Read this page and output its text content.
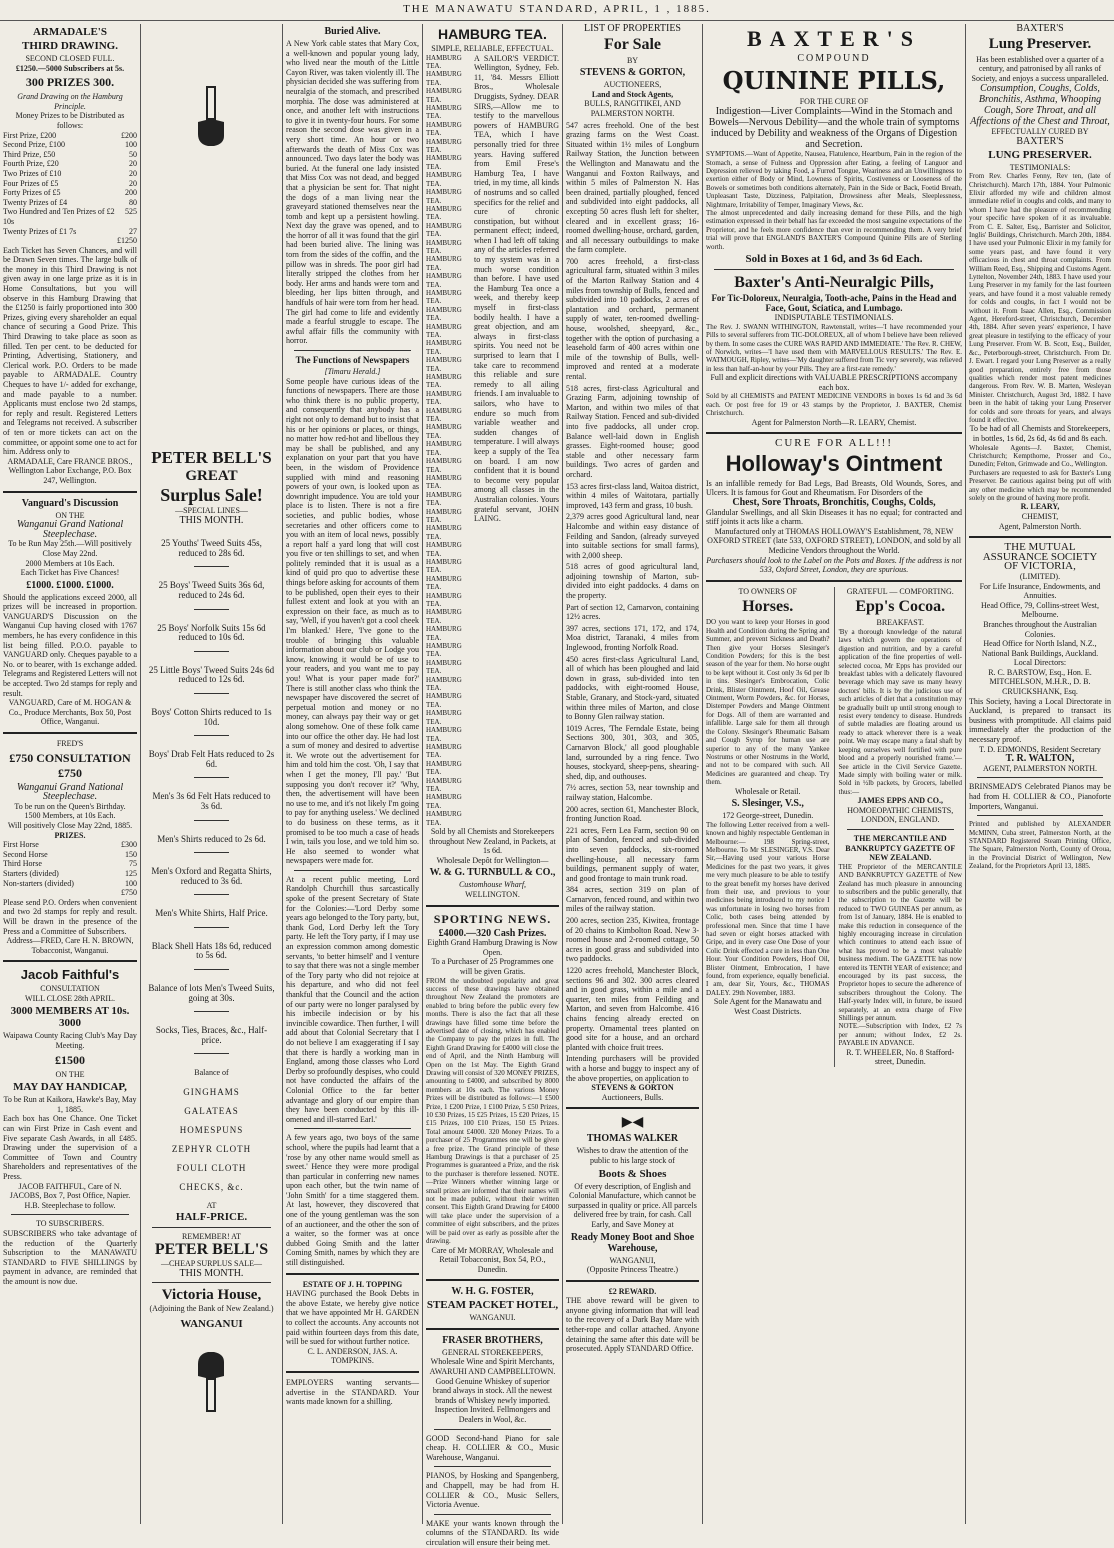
THE MANAWATU STANDARD, APRIL, 1 , 1885.
ARMADALE'S
THIRD DRAWING.
SECOND CLOSED FULL.
£1250.—5000 Subscribers at 5s.
300 PRIZES 300.
Grand Drawing on the Hamburg Principle.
Money Prizes to be Distributed as follows:
First Prize, £200	£200
Second Prize, £100	100
Third Prize, £50	50
Fourth Prize, £20	20
Two Prizes of £10	20
Four Prizes of £5	20
Forty Prizes of £5	200
Twenty Prizes of £4	80
Two Hundred and Ten Prizes of £2 10s
525
Twenty Prizes of £1 7s	27
£1250

Each Ticket has Seven Chances, and will be Drawn Seven times. The large bulk of the money in this Third Drawing is not given away in one large prize as it is in Home Consultations, but you will observe in this Hamburg Drawing that the £1250 is fairly proportioned into 300 Prizes, giving every shareholder an equal chance of securing a Good Prize. This Third Drawing to take place as soon as filled. Ten per cent. to be deducted for Printing, Advertising, Stationery, and Clerical work. P.O. Orders to be made payable to ARMADALE. Country Cheques to have 1/- added for exchange, and made payable to a number. Applicants must enclose two 2d stamps, for reply and result. Registered Letters and Telegrams not received. A subscriber of ten or more tickets can act on the committee, or appoint some one to act for him. Address only to

ARMADALE, Care FRANCE BROS., Wellington Labor Exchange, P.O. Box 247, Wellington.

Vanguard's Discussion
ON THE
Wanganui Grand National Steeplechase.
To be Run May 25th.—Will positively Close May 22nd.
2000 Members at 10s Each.
Each Ticket has Five Chances!
£1000. £1000. £1000.

Should the applications exceed 2000, all prizes will be increased in proportion. VANGUARD'S Discussion on the Wanganui Cup having closed with 1767 members, he has every confidence in this list being filled. P.O.O. payable to VANGUARD only. Cheques payable to a No. or to bearer, with 1s exchange added. Telegrams and Registered Letters will not be accepted. Two 2d stamps for reply and result.

VANGUARD, Care of M. HOGAN & Co., Produce Merchants, Box 50, Post Office, Wanganui.

FRED'S
£750 CONSULTATION £750
Wanganui Grand National Steeplechase.
To be run on the Queen's Birthday.
1500 Members, at 10s Each.
Will positively Close May 22nd, 1885.
PRIZES.
First Horse	£300
Second Horse	150
Third Horse	75
Starters (divided)	125
Non-starters (divided)	100
£750

Please send P.O. Orders when convenient and two 2d stamps for reply and result. Will be drawn in the presence of the Press and a Committee of Subscribers.

Address—FRED, Care H. N. BROWN, Tobacconist, Wanganui.

Jacob Faithful's
CONSULTATION
WILL CLOSE 28th APRIL.
3000 MEMBERS AT 10s. 3000
Waipawa County Racing Club's May Day Meeting.
£1500
ON THE
MAY DAY HANDICAP,
To be Run at Kaikora, Hawke's Bay, May 1, 1885.

Each box has One Chance. One Ticket can win First Prize in Cash event and Five separate Cash Awards, in all £485. Drawing under the supervision of a Committee of Town and Country Shareholders and representatives of the Press.

JACOB FAITHFUL, Care of N. JACOBS, Box 7, Post Office, Napier.

H.B. Steeplechase to follow.
TO SUBSCRIBERS.

SUBSCRIBERS who take advantage of the reduction of the Quarterly Subscription to the MANAWATU STANDARD to FIVE SHILLINGS by payment in advance, are reminded that the amount is now due.

PETER BELL'S
GREAT
Surplus Sale!
—SPECIAL LINES—
THIS MONTH.

25 Youths' Tweed Suits 45s, reduced to 28s 6d.

25 Boys' Tweed Suits 36s 6d, reduced to 24s 6d.

25 Boys' Norfolk Suits 15s 6d reduced to 10s 6d.

25 Little Boys' Tweed Suits 24s 6d reduced to 12s 6d.

Boys' Cotton Shirts reduced to 1s 10d.

Boys' Drab Felt Hats reduced to 2s 6d.

Men's 3s 6d Felt Hats reduced to 3s 6d.

Men's Shirts reduced to 2s 6d.

Men's Oxford and Regatta Shirts, reduced to 3s 6d.

Men's White Shirts, Half Price.

Black Shell Hats 18s 6d, reduced to 5s 6d.

Balance of lots Men's Tweed Suits, going at 30s.

Socks, Ties, Braces, &c., Half-price.

Balance of
GINGHAMS
GALATEAS
HOMESPUNS
ZEPHYR CLOTH
FOULI CLOTH
CHECKS, &c.
AT
HALF-PRICE.
REMEMBER! AT
PETER BELL'S
—CHEAP SURPLUS SALE—
THIS MONTH.
Victoria House,
(Adjoining the Bank of New Zealand.)
WANGANUI
Buried Alive.

A New York cable states that Mary Cox, a well-known and popular young lady, who lived near the mouth of the Little Cayon River, was taken violently ill. The physician decided she was suffering from neuralgia of the stomach, and prescribed morphia. The dose was administered at once, and another left with instructions to give it in twenty-four hours. For some reason the second dose was given in a very short time. An hour or two afterwards the death of Miss Cox was announced. Two days later the body was buried. At the funeral one lady insisted that Miss Cox was not dead, and begged that a physician be sent for. That night the dogs of a man living near the graveyard stationed themselves near the tomb and kept up a persistent howling. Next day the grave was opened, and to the horror of all it was found that the girl had been buried alive. The lining was torn from the sides of the coffin, and the pillow was in shreds. The poor girl had literally stripped the clothes from her body. Her arms and hands were torn and bleeding, her lips bitten through, and handfuls of hair were torn from her head. The girl had come to life and evidently made a fearful struggle to escape. The awful affair fills the community with horror.

The Functions of Newspapers
[Timaru Herald.]

Some people have curious ideas of the functions of newspapers. There are those who think there is no public property, and consequently that anybody has a right not only to demand but to insist that his or her opinions or places, or things, no matter how red-hot and libellous they may be shall be published, and any explanation on your part that you have been, in the wisdom of Providence supplied with mind and reasoning powers of your own, is looked upon as downright impudence. You are told your place is to listen. There is not a fire societies, and public bodies, whose secretaries and other officers come to you with an item of local news, possibly a report half a yard long that will cost you five or ten shillings to set, and when politely reminded that it is usual as a kind of quid pro quo to advertise these things before asking for accounts of them to be published, open their eyes to their fullest extent and look at you with an expression on their face, as much as to say, 'Well, if you haven't got a cool cheek I'm blanked.' Here, 'I've gone to the trouble of bringing this valuable information about our club or Lodge you know, knowing it would be of use to your readers, and you want me to pay you! What is your paper made for?' There is still another class who think the newspaper have discovered the secret of perpetual motion and money or no money, can always pay their way or get along somehow. One of these folk came into our office the other day. He had lost a sum of money and desired to advertise it. We wrote out the advertisement for him and told him the cost. 'Oh, I say that when I get the money, I'll pay.' 'But supposing you don't recover it?' 'Why, then, the advertisement will have been no use to me, and it's not likely I'm going to pay for anything useless.' We declined to do business on these terms, as it promised to be too much a case of heads I win, tails you lose, and we told him so. He also seemed to wonder what newspapers were made for.

At a recent public meeting, Lord Randolph Churchill thus sarcastically spoke of the present Secretary of State for the Colonies:—'Lord Derby some years ago belonged to the Tory party, but, thank God, Lord Derby left the Tory party. He left the Tory party, if I may use an expression common among domestic servants, 'to better himself' and I venture to say that there was not a single member of the Tory party who did not rejoice at his departure, and who did not feel thankful that the Council and the action of our party were no longer paralysed by his imbecile indecision or by his invincible cowardice. Then further, I will add about that Colonial Secretary that I do not believe I am exaggerating if I say that there is hardly a working man in England, among those classes who Lord Derby so profoundly despises, who could not have conducted the affairs of the Colonial Office to the far better advantage and glory of our empire than they have been conducted by this ill-omened and ill-starred Earl.'

A few years ago, two boys of the same school, where the pupils had learnt that a 'rose by any other name would smell as sweet.' Hence they were more prodigal than particular in conferring new names upon each other, but the twin name of 'John Smith' for a time staggered them. At last, however, they discovered that one of the young gentleman was the son of an auctioneer, and the other the son of a waiter, so the former was at once dubbed Going Smith and the latter Coming Smith, names by which they are still distinguished.

ESTATE OF J. H. TOPPING

HAVING purchased the Book Debts in the above Estate, we hereby give notice that we have appointed Mr H. GARDEN to collect the accounts. Any accounts not paid within fourteen days from this date, will be sued for without further notice.

C. L. ANDERSON, JAS. A. TOMPKINS.

EMPLOYERS wanting servants—advertise in the STANDARD. Your wants made known for a shilling.

HAMBURG TEA.
SIMPLE, RELIABLE, EFFECTUAL.
HAMBURG TEA.
HAMBURG TEA.
HAMBURG TEA.
HAMBURG TEA.
HAMBURG TEA.
HAMBURG TEA.
HAMBURG TEA.
HAMBURG TEA.
HAMBURG TEA.
HAMBURG TEA.
HAMBURG TEA.
HAMBURG TEA.
HAMBURG TEA.
HAMBURG TEA.
HAMBURG TEA.
HAMBURG TEA.
HAMBURG TEA.
HAMBURG TEA.
HAMBURG TEA.
HAMBURG TEA.
HAMBURG TEA.
HAMBURG TEA.
HAMBURG TEA.
HAMBURG TEA.
HAMBURG TEA.
HAMBURG TEA.
HAMBURG TEA.
HAMBURG TEA.
HAMBURG TEA.
HAMBURG TEA.
HAMBURG TEA.
HAMBURG TEA.
HAMBURG TEA.
HAMBURG TEA.
HAMBURG TEA.
HAMBURG TEA.
HAMBURG TEA.
HAMBURG TEA.
HAMBURG TEA.
HAMBURG TEA.
HAMBURG TEA.
HAMBURG TEA.
HAMBURG TEA.
HAMBURG TEA.
HAMBURG TEA.
HAMBURG TEA.

A SAILOR'S VERDICT. Wellington, Sydney, Feb. 11, '84. Messrs Elliott Bros., Wholesale Druggists, Sydney. DEAR SIRS,—Allow me to testify to the marvellous powers of HAMBURG TEA, which I have personally tried for three years. Having suffered from Emil Frese's Hamburg Tea, I have tried, in my time, all kinds of nostrums and so called specifics for the relief and cure of chronic constipation, but without permanent effect; indeed, when I had left off taking any of the articles referred to my system was in a much worse condition than before. I have used the Hamburg Tea once a week, and thereby keep myself in first-class bodily health. I have a great objection, and am always in first-class spirits. You need not be surprised to learn that I take care to recommend this reliable and sure remedy to all ailing friends. I am invaluable to sailors, who have to endure so much from variable weather and sudden changes of temperature. I will always keep a supply of the Tea on board. I am now confident that it is bound to become very popular among all classes in the Australian colonies. Yours grateful servant, JOHN LAING.

Sold by all Chemists and Storekeepers throughout New Zealand, in Packets, at 1s 6d.

Wholesale Depôt for Wellington—
W. & G. TURNBULL & CO.,
Customhouse Wharf,
WELLINGTON.
SPORTING NEWS.
£4000.—320 Cash Prizes.
Eighth Grand Hamburg Drawing is Now Open.
To a Purchaser of 25 Programmes one will be given Gratis.

FROM the undoubted popularity and great success of these drawings have obtained throughout New Zealand the promoters are enabled to bring before the public every few months. There is also the fact that all these drawings have filled some time before the advertised date of closing, which has enabled the Company to pay the prizes in full. The Eighth Grand Drawing for £4000 will close the end of April, and the Ninth Hamburg will Open on the 1st May. The Eighth Grand Drawing will consist of 320 MONEY PRIZES, amounting to £4000, and subscribed by 8000 members at 10s each. The various Money Prizes will be distributed as follows:—1 £500 Prize, 1 £200 Prize, 1 £100 Prize, 5 £50 Prizes, 10 £30 Prizes, 15 £25 Prizes, 15 £20 Prizes, 15 £15 Prizes, 100 £10 Prizes, 150 £5 Prizes. Total amount £4000. 320 Money Prizes. To a purchaser of 25 Programmes one will be given a free prize. The Grand principle of these Hamburg Drawings is that a purchaser of 25 Programmes is guaranteed a Prize, and the risk to the purchaser is therefore lessened. NOTE.—Prize Winners whether winning large or small prizes are informed that their names will not be made public, without their written consent. This Eighth Grand Drawing for £4000 will take place under the supervision of a committee of eight subscribers, and the prizes will be paid over as early as possible after the drawing.

Care of Mr MORRAY, Wholesale and Retail Tobacconist, Box 54, P.O., Dunedin.

W. H. G. FOSTER,
STEAM PACKET HOTEL,
WANGANUI.
FRASER BROTHERS,
GENERAL STOREKEEPERS,

Wholesale Wine and Spirit Merchants, AWARUHI AND CAMPBELLTOWN. Good Genuine Whiskey of superior brand always in stock. All the newest brands of Whiskey newly imported. Inspection Invited. Fellmongers and Dealers in Wool, &c.

GOOD Second-hand Piano for sale cheap. H. COLLIER & CO., Music Warehouse, Wanganui.

PIANOS, by Hosking and Spangenberg, and Chappell, may be had from H. COLLIER & CO., Music Sellers, Victoria Avenue.

MAKE your wants known through the columns of the STANDARD. Its wide circulation will ensure their being met.

LIST OF PROPERTIES
For Sale
BY
STEVENS & GORTON,
AUCTIONEERS,
Land and Stock Agents,
BULLS, RANGITIKEI, AND PALMERSTON NORTH.

547 acres freehold. One of the best grazing farms on the West Coast. Situated within 1½ miles of Longburn Railway Station, the Junction between the Wellington and Manawatu and the Wanganui and Foxton Railways, and within 5 miles of Palmerston N. Has been drained, partially ploughed, fenced and subdivided into eight paddocks, all excepting 50 acres flush left for shelter, cleared and in excellent grass; 16-roomed dwelling-house, orchard, garden, and all necessary outbuildings to make the farm complete.

700 acres freehold, a first-class agricultural farm, situated within 3 miles of the Marton Railway Station and 4 miles from township of Bulls, fenced and subdivided into 10 paddocks, 2 acres of plantation and orchard, permanent supply of water, ten-roomed dwelling-house, woolshed, sheepyard, &c., together with the option of purchasing a leasehold farm of 400 acres within one mile of the township of Bulls, well-improved and rented at a moderate rental.

518 acres, first-class Agricultural and Grazing Farm, adjoining township of Marton, and within two miles of that Railway Station. Fenced and sub-divided into five paddocks, all under crop. Balance well-laid down in English grasses. Eight-roomed house; good stable and other necessary farm buildings. Two acres of garden and orchard.

153 acres first-class land, Waitoa district, within 4 miles of Waitotara, partially improved, 143 ferm and grass, 10 bush.

2,379 acres good Agricultural land, near Halcombe and within easy distance of Feilding and Sandon, (already surveyed into suitable sections for small farms), with 2,000 sheep.

518 acres of good agricultural land, adjoining township of Marton, sub-divided into eight paddocks. 4 dams on the property.

Part of section 12, Carnarvon, containing 12½ acres.

397 acres, sections 171, 172, and 174, Moa district, Taranaki, 4 miles from Inglewood, fronting Norfolk Road.

450 acres first-class Agricultural Land, all of which has been ploughed and laid down in grass, sub-divided into ten paddocks, with eight-roomed House, Stable, Granary, and Stock-yard, situated within three miles of Marton, and close to Bonny Glen railway station.

1019 Acres, 'The Ferndale Estate, being Sections 300, 301, 303, and 305, Carnarvon Block,' all good ploughable land, surrounded by a ring fence. Two houses, stockyard, sheep-pens, shearing-shed, dip, and outhouses.

7½ acres, section 53, near township and railway station, Halcombe.

200 acres, section 61, Manchester Block, fronting Junction Road.

221 acres, Fern Lea Farm, section 90 on plan of Sandon, fenced and sub-divided into seven paddocks, six-roomed dwelling-house, all necessary farm buildings, permanent supply of water, and good frontage to main trunk road.

384 acres, section 319 on plan of Carnarvon, fenced round, and within two miles of the railway station.

200 acres, section 235, Kiwitea, frontage of 20 chains to Kimbolton Road. New 3-roomed house and 2-roomed cottage, 50 acres in good grass and subdivided into two paddocks.

1220 acres freehold, Manchester Block, sections 96 and 302. 300 acres cleared and in good grass, within a mile and a quarter, ten miles from Feilding and Marton, and seven from Halcombe. 416 chains fencing already erected on property. Ornamental trees planted on good site for a house, and an orchard planted with choice fruit trees.

Intending purchasers will be provided with a horse and buggy to inspect any of the above properties, on application to

STEVENS & GORTON
Auctioneers, Bulls.
▶◀
THOMAS WALKER
Wishes to draw the attention of the public to his large stock of
Boots & Shoes

Of every description, of English and Colonial Manufacture, which cannot be surpassed in quality or price. All parcels delivered free by train, for cash. Call Early, and Save Money at

Ready Money Boot and Shoe Warehouse,
WANGANUI,
(Opposite Princess Theatre.)
£2 REWARD.

THE above reward will be given to anyone giving information that will lead to the recovery of a Dark Bay Mare with tether-rope and collar attached. Anyone detaining the same after this date will be prosecuted. Apply STANDARD Office.

BAXTER'S
COMPOUND
QUININE PILLS,
FOR THE CURE OF

Indigestion—Liver Complaints—Wind in the Stomach and Bowels—Nervous Debility—and the whole train of symptoms induced by Debility and weakness of the Organs of Digestion and Secretion.

SYMPTOMS.—Want of Appetite, Nausea, Flatulence, Heartburn, Pain in the region of the Stomach, a sense of Fulness and Oppression after Eating, a feeling of Languor and Depression relieved by taking Food, a Furred Tongue, Weariness and an Unwillingness to exertion either of Body or Mind, Lowness of Spirits, Costiveness or Looseness of the Bowels or sometimes both conditions alternately, Pain in the Side or Back, Foetid Breath, Unpleasant Taste, Dizziness, Palpitation, Drowsiness after Meals, Sleeplessness, Nightmare, Irritability of Temper, Imaginary Views, &c.

The almost unprecedented and daily increasing demand for these Pills, and the high estimation expressed in their behalf has far exceeded the most sanguine expectations of the Proprietor, and he feels more confidence than ever in recommending them. A very brief trial will prove that ENGLAND'S BAXTER'S Compound Quinine Pills are of Sterling worth.

Sold in Boxes at 1 6d, and 3s 6d Each.
Baxter's Anti-Neuralgic Pills,
For Tic-Doloreux, Neuralgia, Tooth-ache, Pains in the Head and Face, Gout, Sciatica, and Lumbago.
INDISPUTABLE TESTIMONIALS.

The Rev. J. SWANN WITHINGTON, Rawtenstall, writes—'I have recommended your Pills to several sufferers from TIC-DOLOREUX, all of whom I believe have been relieved by them. In some cases the CURE WAS RAPID AND IMMEDIATE.' The Rev. R. CHEW, of Norwich, writes—'I have used them with MARVELLOUS RESULTS.' The Rev. E. WATMOUGH, Ripley, writes—'My daughter suffered from Tic very severely, was relieved in less than half-an-hour by your Pills. They are a first-rate remedy.'

Full and explicit directions with VALUABLE PRESCRIPTIONS accompany each box.

Sold by all CHEMISTS and PATENT MEDICINE VENDORS in boxes 1s 6d and 3s 6d each. Or post free for 19 or 43 stamps by the Proprietor, J. BAXTER, Chemist Christchurch.

Agent for Palmerston North—R. LEARY, Chemist.
CURE FOR ALL!!!
Holloway's Ointment

Is an infallible remedy for Bad Legs, Bad Breasts, Old Wounds, Sores, and Ulcers. It is famous for Gout and Rheumatism. For Disorders of the

Chest, Sore Throats, Bronchitis, Coughs, Colds,

Glandular Swellings, and all Skin Diseases it has no equal; for contracted and stiff joints it acts like a charm.

Manufactured only at THOMAS HOLLOWAY'S Establishment, 78, NEW OXFORD STREET (late 533, OXFORD STREET), LONDON, and sold by all Medicine Vendors throughout the World.

Purchasers should look to the Label on the Pots and Boxes. If the address is not 533, Oxford Street, London, they are spurious.

TO OWNERS OF
Horses.

DO you want to keep your Horses in good Health and Condition during the Spring and Summer, and prevent Sickness and Death? Then give your Horses Slesinger's Condition Powders; for this is the best season of the year for them. No horse ought to be kept without it. Cost only 3s 6d per lb in tins. Slesinger's Embrocation, Colic Drink, Blister Ointment, Hoof Oil, Grease Ointment, Worm Powders, &c. for Horses, Distemper Powders and Mange Ointment for Dogs. All of them are warranted and infallible. Large sale for them all through the Colony. Slesinger's Rheumatic Balsam and Cough Syrup for human use are superior to any of the many Yankee Nostrums or other Nostrums in the World, and not to be compared with such. All Medicines are guaranteed and cheap. Try them.

Wholesale or Retail.
S. Slesinger, V.S.,
172 George-street, Dunedin.

The following Letter received from a well-known and highly respectable Gentleman in Melbourne:— 198 Spring-street, Melbourne. To Mr SLESINGER, V.S. Dear Sir,—Having used your various Horse Medicines for the past two years, it gives me very much pleasure to be able to testify to the great benefit my horses have derived from their use, and previous to your medicines being introduced to my notice I was unfortunate in losing two horses from Colic, both cases being attended by professional men. Since that time I have had seven or eight horses attacked with Gripe, and in every case One Dose of your Colic Drink effected a cure in less than One Hour. Your Condition Powders, Hoof Oil, Blister Ointment, Embrocation, I have found, from experience, equally beneficial. I am, dear Sir, Yours, &c., THOMAS DALEY. 29th November, 1883.

Sole Agent for the Manawatu and West Coast Districts.
GRATEFUL — COMFORTING.
Epp's Cocoa.
BREAKFAST.

'By a thorough knowledge of the natural laws which govern the operations of digestion and nutrition, and by a careful application of the fine properties of well-selected cocoa, Mr Epps has provided our breakfast tables with a delicately flavoured beverage which may save us many heavy doctors' bills. It is by the judicious use of such articles of diet that a constitution may be gradually built up until strong enough to resist every tendency to disease. Hundreds of subtle maladies are floating around us ready to attack wherever there is a weak point. We may escape many a fatal shaft by keeping ourselves well fortified with pure blood and a properly nourished frame.'—See article in the Civil Service Gazette. Made simply with boiling water or milk. Sold in ½lb packets, by Grocers, labelled thus:—

JAMES EPPS AND CO.,
HOMOEOPATHIC CHEMISTS,
LONDON, ENGLAND.
THE MERCANTILE AND BANKRUPTCY GAZETTE OF NEW ZEALAND.

THE Proprietor of the MERCANTILE AND BANKRUPTCY GAZETTE of New Zealand has much pleasure in announcing to subscribers and the public generally, that the subscription to the Gazette will be reduced to TWO GUINEAS per annum, as from 1st of January, 1884. He is enabled to make this reduction in consequence of the highly encouraging increase in circulation which continues to attend each issue of what has proved to be a most valuable business medium. The GAZETTE has now entered its TENTH YEAR of existence; and encouraged by its past success, the Proprietor hopes to secure the adherence of subscribers throughout the Colony. The Half-yearly Index will, in future, be issued separately, at an extra charge of Five Shillings per annum.

NOTE.—Subscription with Index, £2 7s per annum; without Index, £2 2s. PAYABLE IN ADVANCE.

R. T. WHEELER, No. 8 Stafford-street, Dunedin.
BAXTER'S
Lung Preserver.

Has been established over a quarter of a century, and patronised by all ranks of Society, and enjoys a success unparalleled.

Consumption, Coughs, Colds, Bronchitis, Asthma, Whooping Cough, Sore Throat, and all Affections of the Chest and Throat,

EFFECTUALLY CURED BY
BAXTER'S
LUNG PRESERVER.
TESTIMONIALS:

From Rev. Charles Fenny, Rev ten, (late of Christchurch). March 17th, 1884. Your Pulmonic Elixir afforded my wife and children almost immediate relief in coughs and colds, and many to whom I have had the pleasure of recommending your specific have spoken of it as invaluable. From C. E. Salter, Esq., Barrister and Solicitor, Inglis' Buildings, Christchurch. March 20th, 1884. I have used your Pulmonic Elixir in my family for some years past, and have found it very efficacious in chest and throat complaints. From William Reed, Esq., Shipping and Customs Agent. Lyttelton, November 24th, 1883. I have used your Lung Preserver in my family for the last fourteen years, and have found it a most valuable remedy for colds and coughs, in fact I would not be without it. From Isaac Allen, Esq., Commission Agent, Hereford-street, Christchurch, December 4th, 1884. After seven years' experience, I have great pleasure in testifying to the efficacy of your Lung Preserver. From W. B. Scott, Esq., Builder, &c., Peterborough-street, Christchurch. From Dr. J. Ewart. I regard your Lung Preserver as a really good preparation, entirely free from those qualities which render most patent medicines dangerous. From Rev. W. B. Marten, Wesleyan Minister. Christchurch, August 3rd, 1882. I have been in the habit of taking your Lung Preserver for colds and sore throats for years, and always found it effective.

To be had of all Chemists and Storekeepers, in bottles, 1s 6d, 2s 6d, 4s 6d and 8s each.

Wholesale Agents—J. Baxter, Chemist, Christchurch; Kempthorne, Prosser and Co., Dunedin; Felton, Grimwade and Co., Wellington.

Purchasers are requested to ask for Baxter's Lung Preserver. Be cautious against being put off with any other medicine which may be recommended solely on the ground of having more profit.

R. LEARY,
CHEMIST,
Agent, Palmerston North.
THE MUTUAL
ASSURANCE SOCIETY
OF VICTORIA,
(LIMITED).

For Life Insurance, Endowments, and Annuities.

Head Office, 79, Collins-street West, Melbourne.

Branches throughout the Australian Colonies.

Head Office for North Island, N.Z., National Bank Buildings, Auckland.

Local Directors:

R. C. BARSTOW, Esq., Hon. E. MITCHELSON, M.H.R., D. B. CRUICKSHANK, Esq.

This Society, having a Local Directorate in Auckland, is prepared to transact its business with promptitude. All claims paid immediately after the production of the necessary proof.

T. D. EDMONDS, Resident Secretary
T. R. WALTON,
AGENT, PALMERSTON NORTH.

BRINSMEAD'S Celebrated Pianos may be had from H. COLLIER & CO., Pianoforte Importers, Wanganui.

Printed and published by ALEXANDER McMINN, Cuba street, Palmerston North, at the STANDARD Registered Steam Printing Office, The Square, Palmerston North, County of Oroua, in the Provincial District of Wellington, New Zealand, for the Proprietors April 13, 1885.
